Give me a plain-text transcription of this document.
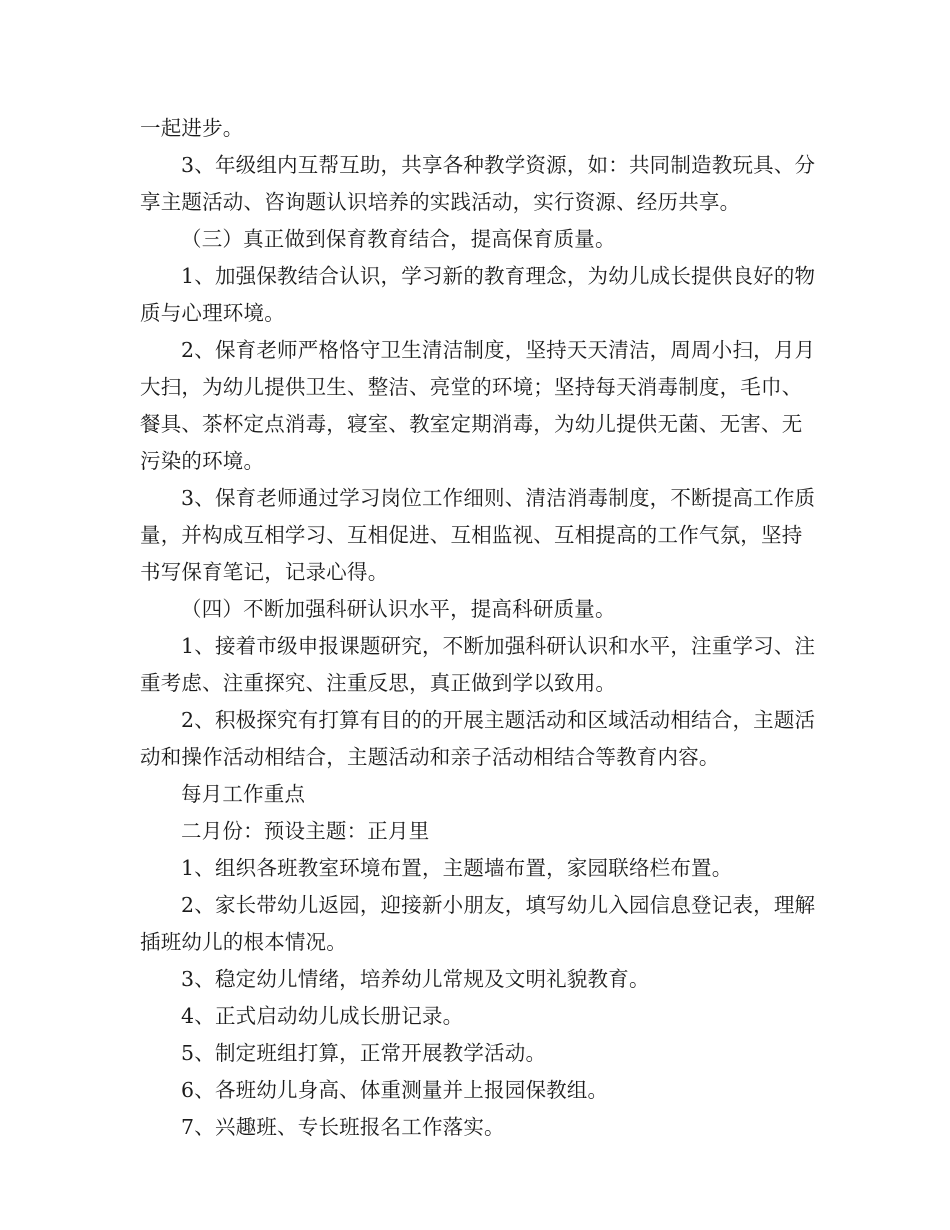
一起进步。

3、年级组内互帮互助，共享各种教学资源，如：共同制造教玩具、分享主题活动、咨询题认识培养的实践活动，实行资源、经历共享。

（三）真正做到保育教育结合，提高保育质量。

1、加强保教结合认识，学习新的教育理念，为幼儿成长提供良好的物质与心理环境。

2、保育老师严格恪守卫生清洁制度，坚持天天清洁，周周小扫，月月大扫，为幼儿提供卫生、整洁、亮堂的环境；坚持每天消毒制度，毛巾、餐具、茶杯定点消毒，寝室、教室定期消毒，为幼儿提供无菌、无害、无污染的环境。

3、保育老师通过学习岗位工作细则、清洁消毒制度，不断提高工作质量，并构成互相学习、互相促进、互相监视、互相提高的工作气氛，坚持书写保育笔记，记录心得。

（四）不断加强科研认识水平，提高科研质量。

1、接着市级申报课题研究，不断加强科研认识和水平，注重学习、注重考虑、注重探究、注重反思，真正做到学以致用。

2、积极探究有打算有目的的开展主题活动和区域活动相结合，主题活动和操作活动相结合，主题活动和亲子活动相结合等教育内容。

每月工作重点

二月份：预设主题：正月里

1、组织各班教室环境布置，主题墙布置，家园联络栏布置。

2、家长带幼儿返园，迎接新小朋友，填写幼儿入园信息登记表，理解插班幼儿的根本情况。

3、稳定幼儿情绪，培养幼儿常规及文明礼貌教育。

4、正式启动幼儿成长册记录。

5、制定班组打算，正常开展教学活动。

6、各班幼儿身高、体重测量并上报园保教组。

7、兴趣班、专长班报名工作落实。
